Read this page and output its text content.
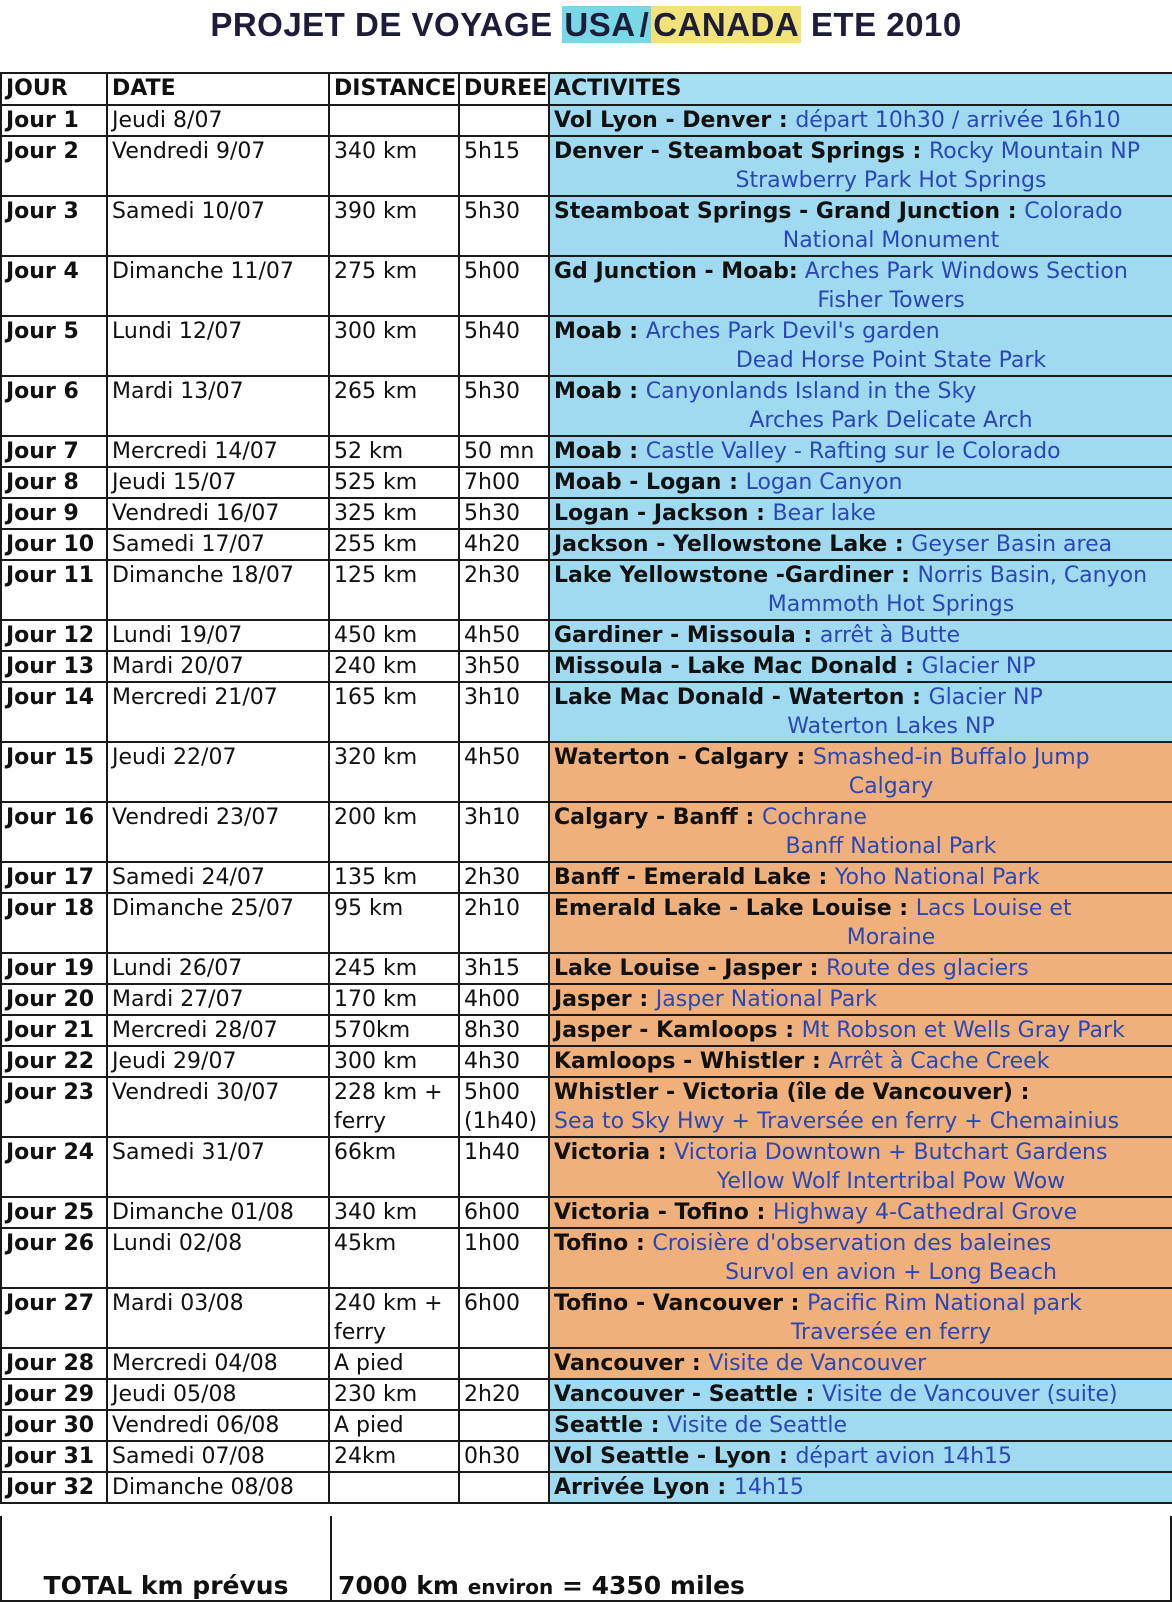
PROJET DE VOYAGE USA / CANADA ETE 2010
JOUR	DATE	DISTANCE	DUREE	ACTIVITES
Jour 1	Jeudi 8/07			Vol Lyon - Denver : départ 10h30 / arrivée 16h10
Jour 2	Vendredi 9/07	340 km	5h15	Denver - Steamboat Springs : Rocky Mountain NP
Strawberry Park Hot Springs

Jour 3	Samedi 10/07	390 km	5h30	Steamboat Springs - Grand Junction : Colorado
National Monument

Jour 4	Dimanche 11/07	275 km	5h00	Gd Junction - Moab: Arches Park Windows Section
Fisher Towers

Jour 5	Lundi 12/07	300 km	5h40	Moab : Arches Park Devil's garden
Dead Horse Point State Park

Jour 6	Mardi 13/07	265 km	5h30	Moab : Canyonlands Island in the Sky
Arches Park Delicate Arch

Jour 7	Mercredi 14/07	52 km	50 mn	Moab : Castle Valley - Rafting sur le Colorado
Jour 8	Jeudi 15/07	525 km	7h00	Moab - Logan : Logan Canyon
Jour 9	Vendredi 16/07	325 km	5h30	Logan - Jackson : Bear lake
Jour 10	Samedi 17/07	255 km	4h20	Jackson - Yellowstone Lake : Geyser Basin area
Jour 11	Dimanche 18/07	125 km	2h30	Lake Yellowstone -Gardiner : Norris Basin, Canyon
Mammoth Hot Springs

Jour 12	Lundi 19/07	450 km	4h50	Gardiner - Missoula : arrêt à Butte
Jour 13	Mardi 20/07	240 km	3h50	Missoula - Lake Mac Donald : Glacier NP
Jour 14	Mercredi 21/07	165 km	3h10	Lake Mac Donald - Waterton : Glacier NP
Waterton Lakes NP

Jour 15	Jeudi 22/07	320 km	4h50	Waterton - Calgary : Smashed-in Buffalo Jump
Calgary

Jour 16	Vendredi 23/07	200 km	3h10	Calgary - Banff : Cochrane
Banff National Park

Jour 17	Samedi 24/07	135 km	2h30	Banff - Emerald Lake : Yoho National Park
Jour 18	Dimanche 25/07	95 km	2h10	Emerald Lake - Lake Louise : Lacs Louise et
Moraine

Jour 19	Lundi 26/07	245 km	3h15	Lake Louise - Jasper : Route des glaciers
Jour 20	Mardi 27/07	170 km	4h00	Jasper : Jasper National Park
Jour 21	Mercredi 28/07	570km	8h30	Jasper - Kamloops : Mt Robson et Wells Gray Park
Jour 22	Jeudi 29/07	300 km	4h30	Kamloops - Whistler : Arrêt à Cache Creek
Jour 23	Vendredi 30/07	228 km +
ferry	5h00
(1h40)	Whistler - Victoria (île de Vancouver) :
Sea to Sky Hwy + Traversée en ferry + Chemainius

Jour 24	Samedi 31/07	66km	1h40	Victoria : Victoria Downtown + Butchart Gardens
Yellow Wolf Intertribal Pow Wow

Jour 25	Dimanche 01/08	340 km	6h00	Victoria - Tofino : Highway 4-Cathedral Grove
Jour 26	Lundi 02/08	45km	1h00	Tofino : Croisière d'observation des baleines
Survol en avion + Long Beach

Jour 27	Mardi 03/08	240 km +
ferry	6h00	Tofino - Vancouver : Pacific Rim National park
Traversée en ferry

Jour 28	Mercredi 04/08	A pied		Vancouver : Visite de Vancouver
Jour 29	Jeudi 05/08	230 km	2h20	Vancouver - Seattle : Visite de Vancouver (suite)
Jour 30	Vendredi 06/08	A pied		Seattle : Visite de Seattle
Jour 31	Samedi 07/08	24km	0h30	Vol Seattle - Lyon : départ avion 14h15
Jour 32	Dimanche 08/08			Arrivée Lyon : 14h15
TOTAL km prévus	7000 km environ = 4350 miles
